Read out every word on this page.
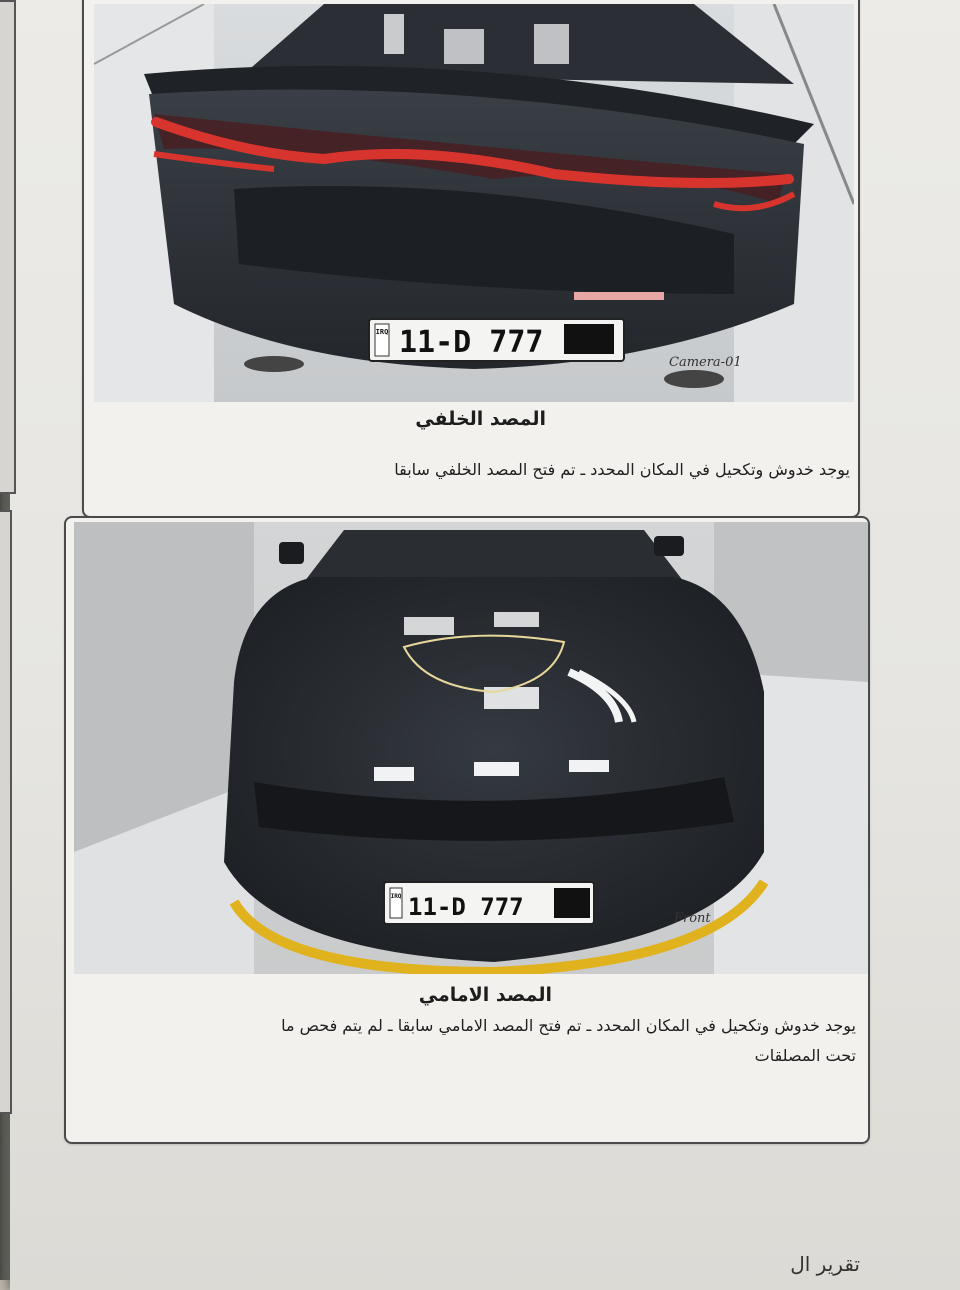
IRQ 11-D 777
Camera-01
المصد الخلفي
يوجد خدوش وتكحيل في المكان المحدد ـ تم فتح المصد الخلفي سابقا
IRQ 11-D 777	Front
المصد الامامي
يوجد خدوش وتكحيل في المكان المحدد ـ تم فتح المصد الامامي سابقا ـ لم يتم فحص ما
تحت المصلقات
تقرير ال
